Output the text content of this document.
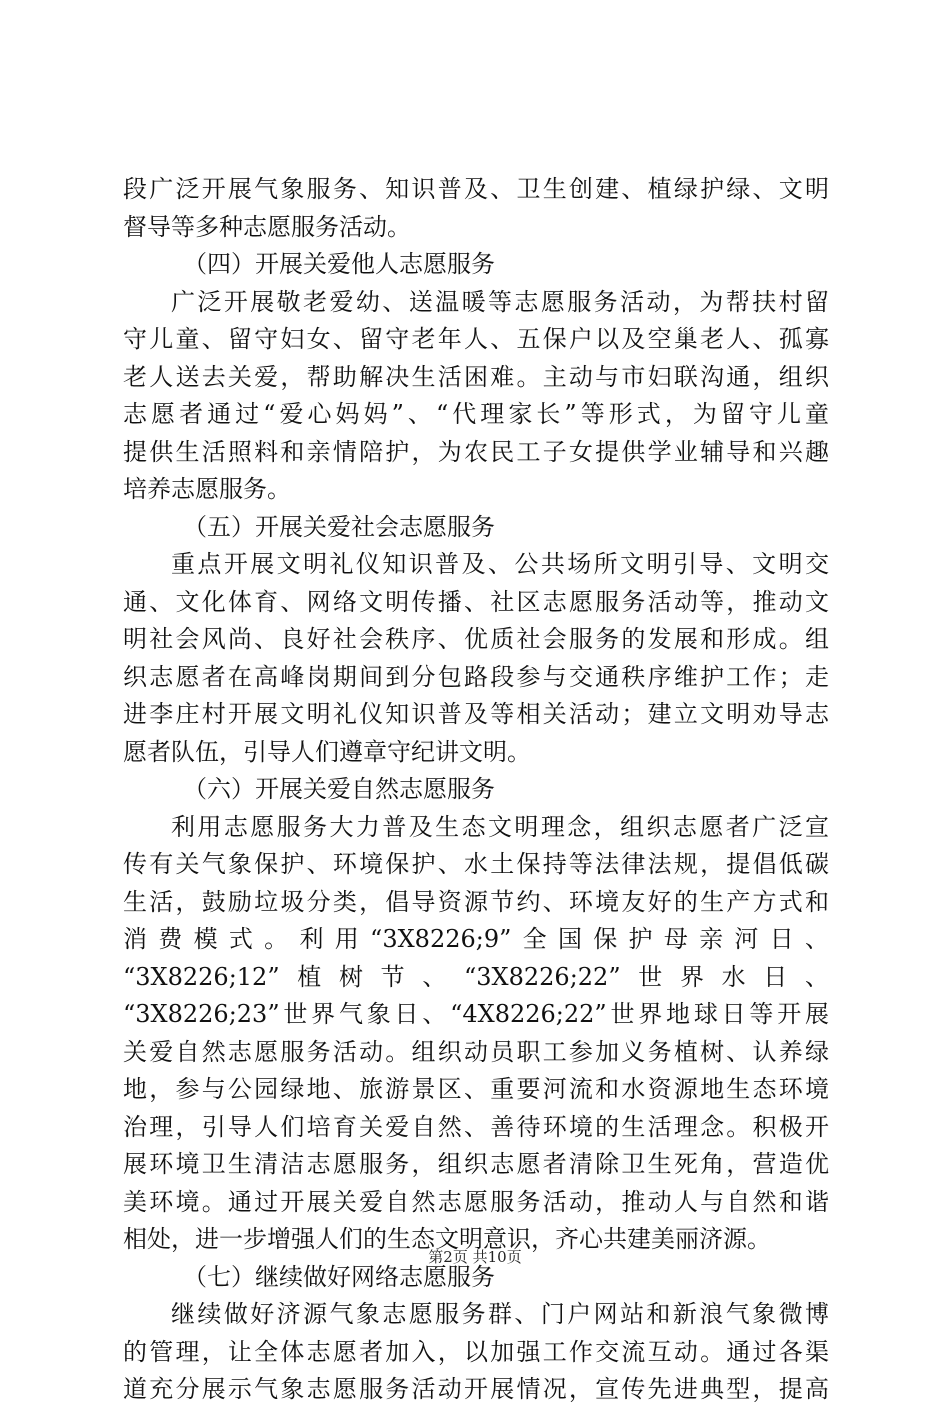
段广泛开展气象服务、知识普及、卫生创建、植绿护绿、文明
督导等多种志愿服务活动。
（四）开展关爱他人志愿服务
广泛开展敬老爱幼、送温暖等志愿服务活动，为帮扶村留
守儿童、留守妇女、留守老年人、五保户以及空巢老人、孤寡
老人送去关爱，帮助解决生活困难。主动与市妇联沟通，组织
志愿者通过“爱心妈妈”、“代理家长”等形式，为留守儿童
提供生活照料和亲情陪护，为农民工子女提供学业辅导和兴趣
培养志愿服务。
（五）开展关爱社会志愿服务
重点开展文明礼仪知识普及、公共场所文明引导、文明交
通、文化体育、网络文明传播、社区志愿服务活动等，推动文
明社会风尚、良好社会秩序、优质社会服务的发展和形成。组
织志愿者在高峰岗期间到分包路段参与交通秩序维护工作；走
进李庄村开展文明礼仪知识普及等相关活动；建立文明劝导志
愿者队伍，引导人们遵章守纪讲文明。
（六）开展关爱自然志愿服务
利用志愿服务大力普及生态文明理念，组织志愿者广泛宣
传有关气象保护、环境保护、水土保持等法律法规，提倡低碳
生活，鼓励垃圾分类，倡导资源节约、环境友好的生产方式和
消费模式。利用“3X8226;9”全国保护母亲河日、
“3X8226;12”植树节、“3X8226;22”世界水日、
“3X8226;23”世界气象日、“4X8226;22”世界地球日等开展
关爱自然志愿服务活动。组织动员职工参加义务植树、认养绿
地，参与公园绿地、旅游景区、重要河流和水资源地生态环境
治理，引导人们培育关爱自然、善待环境的生活理念。积极开
展环境卫生清洁志愿服务，组织志愿者清除卫生死角，营造优
美环境。通过开展关爱自然志愿服务活动，推动人与自然和谐
相处，进一步增强人们的生态文明意识，齐心共建美丽济源。
（七）继续做好网络志愿服务
继续做好济源气象志愿服务群、门户网站和新浪气象微博
的管理，让全体志愿者加入，以加强工作交流互动。通过各渠
道充分展示气象志愿服务活动开展情况，宣传先进典型，提高
第2页 共10页
